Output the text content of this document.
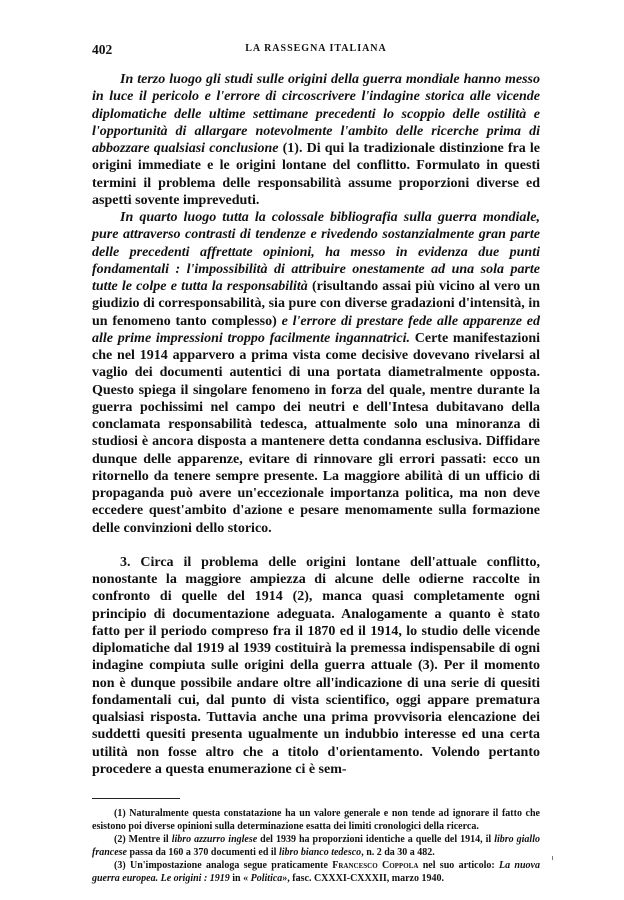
402	LA RASSEGNA ITALIANA

In terzo luogo gli studi sulle origini della guerra mondiale hanno messo in luce il pericolo e l'errore di circoscrivere l'indagine storica alle vicende diplomatiche delle ultime settimane precedenti lo scoppio delle ostilità e l'opportunità di allargare notevolmente l'ambito delle ricerche prima di abbozzare qualsiasi conclusione (1). Di qui la tradizionale distinzione fra le origini immediate e le origini lontane del conflitto. Formulato in questi termini il problema delle responsabilità assume proporzioni diverse ed aspetti sovente impreveduti.

In quarto luogo tutta la colossale bibliografia sulla guerra mondiale, pure attraverso contrasti di tendenze e rivedendo sostanzialmente gran parte delle precedenti affrettate opinioni, ha messo in evidenza due punti fondamentali : l'impossibilità di attribuire onestamente ad una sola parte tutte le colpe e tutta la responsabilità (risultando assai più vicino al vero un giudizio di corresponsabilità, sia pure con diverse gradazioni d'intensità, in un fenomeno tanto complesso) e l'errore di prestare fede alle apparenze ed alle prime impressioni troppo facilmente ingannatrici. Certe manifestazioni che nel 1914 apparvero a prima vista come decisive dovevano rivelarsi al vaglio dei documenti autentici di una portata diametralmente opposta. Questo spiega il singolare fenomeno in forza del quale, mentre durante la guerra pochissimi nel campo dei neutri e dell'Intesa dubitavano della conclamata responsabilità tedesca, attualmente solo una minoranza di studiosi è ancora disposta a mantenere detta condanna esclusiva. Diffidare dunque delle apparenze, evitare di rinnovare gli errori passati: ecco un ritornello da tenere sempre presente. La maggiore abilità di un ufficio di propaganda può avere un'eccezionale importanza politica, ma non deve eccedere quest'ambito d'azione e pesare menomamente sulla formazione delle convinzioni dello storico.

3. Circa il problema delle origini lontane dell'attuale conflitto, nonostante la maggiore ampiezza di alcune delle odierne raccolte in confronto di quelle del 1914 (2), manca quasi completamente ogni principio di documentazione adeguata. Analogamente a quanto è stato fatto per il periodo compreso fra il 1870 ed il 1914, lo studio delle vicende diplomatiche dal 1919 al 1939 costituirà la premessa indispensabile di ogni indagine compiuta sulle origini della guerra attuale (3). Per il momento non è dunque possibile andare oltre all'indicazione di una serie di quesiti fondamentali cui, dal punto di vista scientifico, oggi appare prematura qualsiasi risposta. Tuttavia anche una prima provvisoria elencazione dei suddetti quesiti presenta ugualmente un indubbio interesse ed una certa utilità non fosse altro che a titolo d'orientamento. Volendo pertanto procedere a questa enumerazione ci è sem-

(1) Naturalmente questa constatazione ha un valore generale e non tende ad ignorare il fatto che esistono poi diverse opinioni sulla determinazione esatta dei limiti cronologici della ricerca.

(2) Mentre il libro azzurro inglese del 1939 ha proporzioni identiche a quelle del 1914, il libro giallo francese passa da 160 a 370 documenti ed il libro bianco tedesco, n. 2 da 30 a 482.

(3) Un'impostazione analoga segue praticamente Francesco Coppola nel suo articolo: La nuova guerra europea. Le origini : 1919 in « Politica», fasc. CXXXI-CXXXII, marzo 1940.
